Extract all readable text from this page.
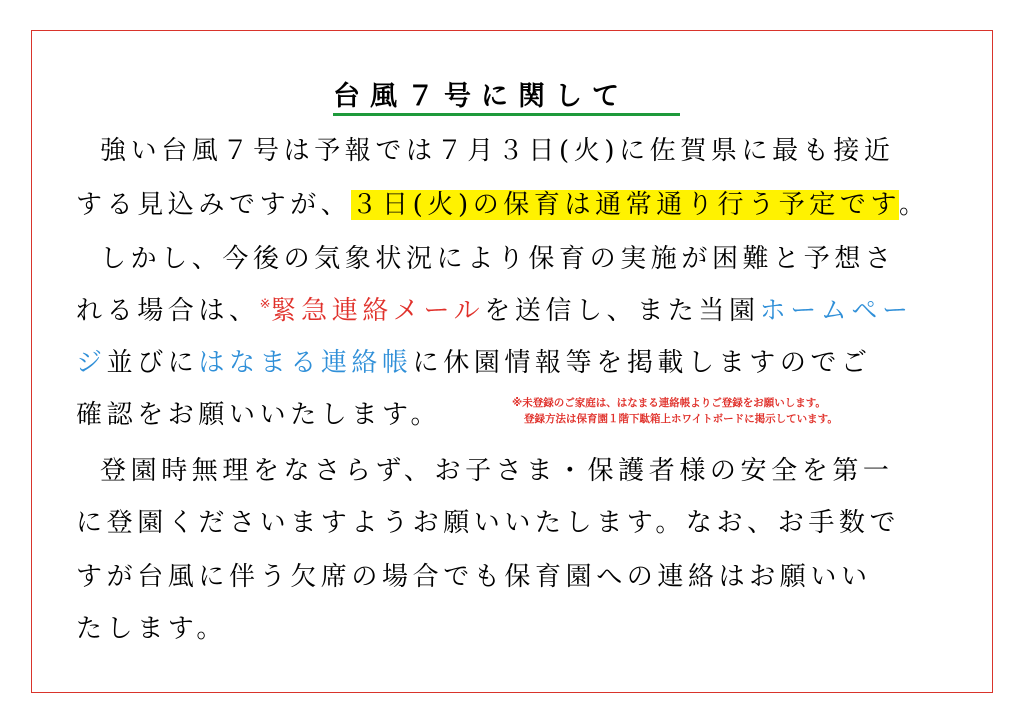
台風７号に関して
強い台風７号は予報では７月３日(火)に佐賀県に最も接近
する見込みですが、３日(火)の保育は通常通り行う予定です。
しかし、今後の気象状況により保育の実施が困難と予想さ
れる場合は、※緊急連絡メールを送信し、また当園ホームペー
ジ並びにはなまる連絡帳に休園情報等を掲載しますのでご
確認をお願いいたします。
登園時無理をなさらず、お子さま・保護者様の安全を第一
に登園くださいますようお願いいたします。なお、お手数で
すが台風に伴う欠席の場合でも保育園への連絡はお願いい
たします。
※未登録のご家庭は、はなまる連絡帳よりご登録をお願いします。
登録方法は保育園１階下駄箱上ホワイトボードに掲示しています。
